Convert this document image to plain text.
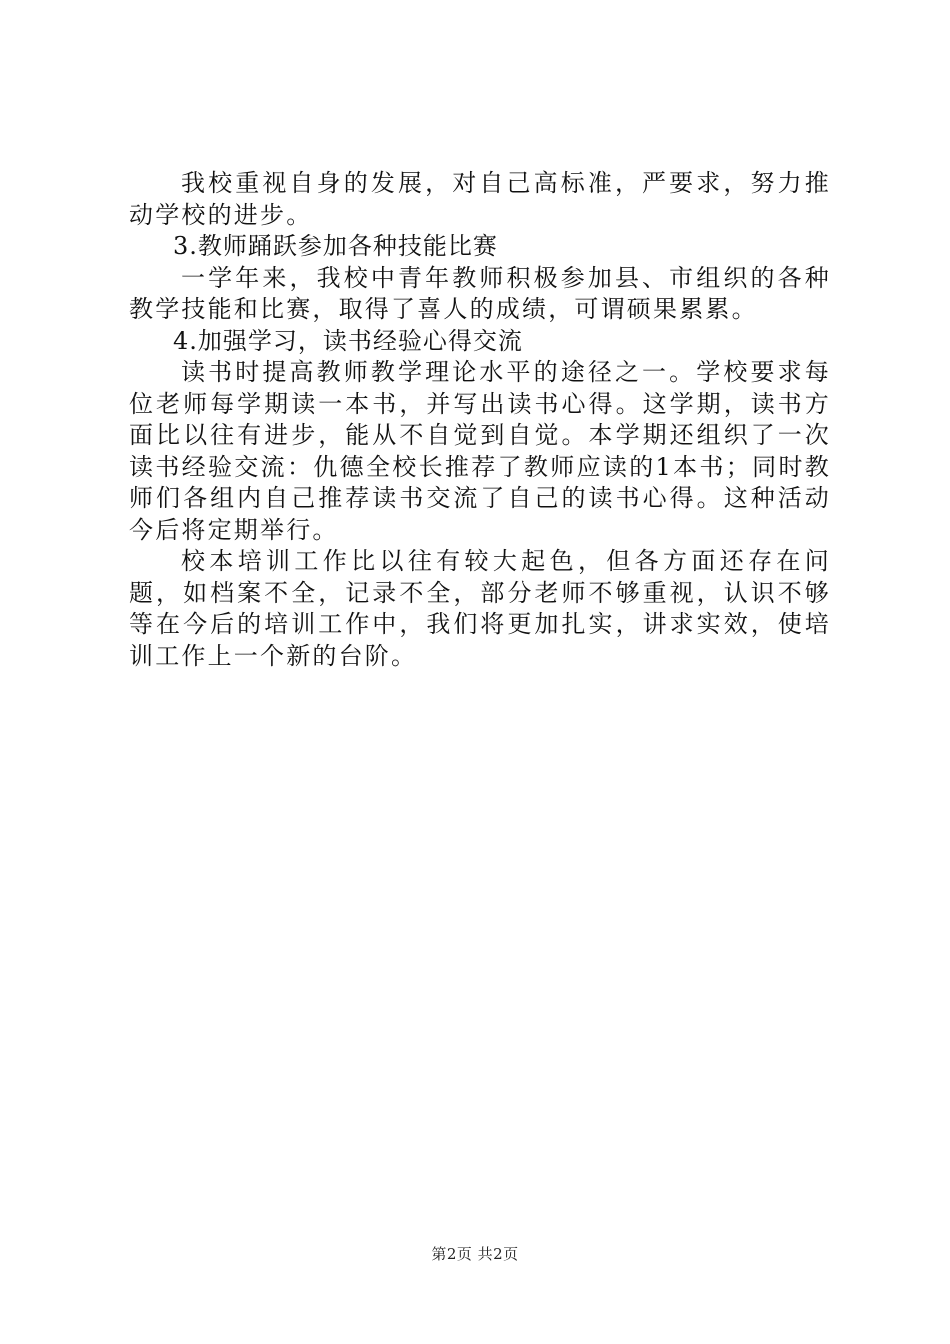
我校重视自身的发展，对自己高标准，严要求，努力推动学校的进步。

3.教师踊跃参加各种技能比赛

一学年来，我校中青年教师积极参加县、市组织的各种教学技能和比赛，取得了喜人的成绩，可谓硕果累累。

4.加强学习，读书经验心得交流

读书时提高教师教学理论水平的途径之一。学校要求每位老师每学期读一本书，并写出读书心得。这学期，读书方面比以往有进步，能从不自觉到自觉。本学期还组织了一次读书经验交流：仇德全校长推荐了教师应读的1本书；同时教师们各组内自己推荐读书交流了自己的读书心得。这种活动今后将定期举行。

校本培训工作比以往有较大起色，但各方面还存在问题，如档案不全，记录不全，部分老师不够重视，认识不够等在今后的培训工作中，我们将更加扎实，讲求实效，使培训工作上一个新的台阶。

第2页 共2页
